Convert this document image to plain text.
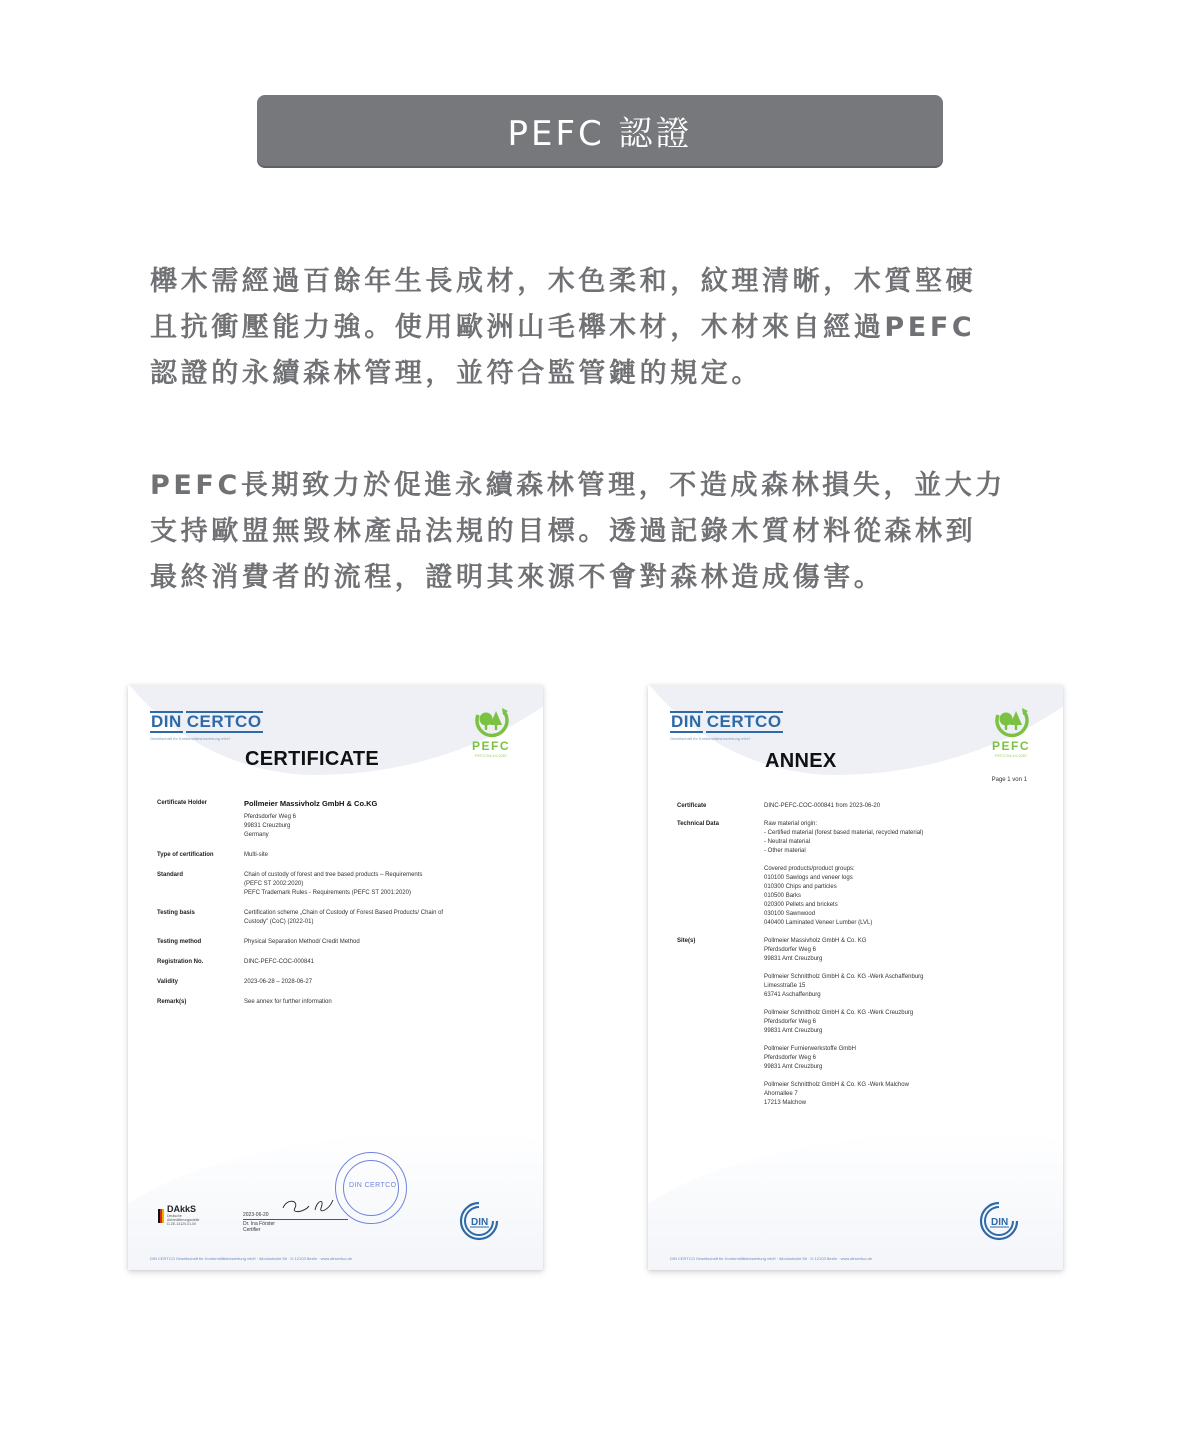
PEFC 認證
櫸木需經過百餘年生長成材，木色柔和，紋理清晰，木質堅硬
且抗衝壓能力強。使用歐洲山毛櫸木材，木材來自經過PEFC
認證的永續森林管理，並符合監管鏈的規定。
PEFC長期致力於促進永續森林管理，不造成森林損失，並大力
支持歐盟無毀林產品法規的目標。透過記錄木質材料從森林到
最終消費者的流程，證明其來源不會對森林造成傷害。
DIN CERTCO
Gesellschaft für Konformitätsbewertung mbH
PEFC
PEFC/04-44-0087
CERTIFICATE
Certificate Holder	Pollmeier Massivholz GmbH & Co.KG

Pferdsdorfer Weg 6

99831 Creuzburg

Germany

Type of certification	Multi-site

Standard	Chain of custody of forest and tree based products – Requirements

(PEFC ST 2002:2020)

PEFC Trademark Rules - Requirements (PEFC ST 2001:2020)

Testing basis	Certification scheme „Chain of Custody of Forest Based Products/ Chain of

Custody" (CoC) (2022-01)

Testing method	Physical Separation Method/ Credit Method

Registration No.	DINC-PEFC-COC-000841

Validity	2023-06-28 – 2028-06-27

Remark(s)	See annex for further information

DAkkS
Deutsche
Akkreditierungsstelle
D-ZE-13120-01-00
2023-06-20
Dr. Ina Förster
Certifier
DIN CERTCO
DIN
DIN CERTCO Gesellschaft für Konformitätsbewertung mbH · Alboinstraße 56 · D-12103 Berlin · www.dincertco.de
DIN CERTCO
Gesellschaft für Konformitätsbewertung mbH
PEFC
PEFC/04-44-0087
ANNEX
Page 1 von 1
Certificate	DINC-PEFC-COC-000841 from 2023-06-20

Technical Data	Raw material origin:

- Certified material (forest based material, recycled material)

- Neutral material

- Other material

Covered products/product groups:

010100 Sawlogs and veneer logs

010300 Chips and particles

010500 Barks

020300 Pellets and brickets

030100 Sawnwood

040400 Laminated Veneer Lumber (LVL)

Site(s)	Pollmeier Massivholz GmbH & Co. KG

Pferdsdorfer Weg 6

99831 Amt Creuzburg

Pollmeier Schnittholz GmbH & Co. KG -Werk Aschaffenburg

Limesstraße 15

63741 Aschaffenburg

Pollmeier Schnittholz GmbH & Co. KG -Werk Creuzburg

Pferdsdorfer Weg 6

99831 Amt Creuzburg

Pollmeier Furnierwerkstoffe GmbH

Pferdsdorfer Weg 6

99831 Amt Creuzburg

Pollmeier Schnittholz GmbH & Co. KG -Werk Malchow

Ahornallee 7

17213 Malchow

DIN
DIN CERTCO Gesellschaft für Konformitätsbewertung mbH · Alboinstraße 56 · D-12103 Berlin · www.dincertco.de
